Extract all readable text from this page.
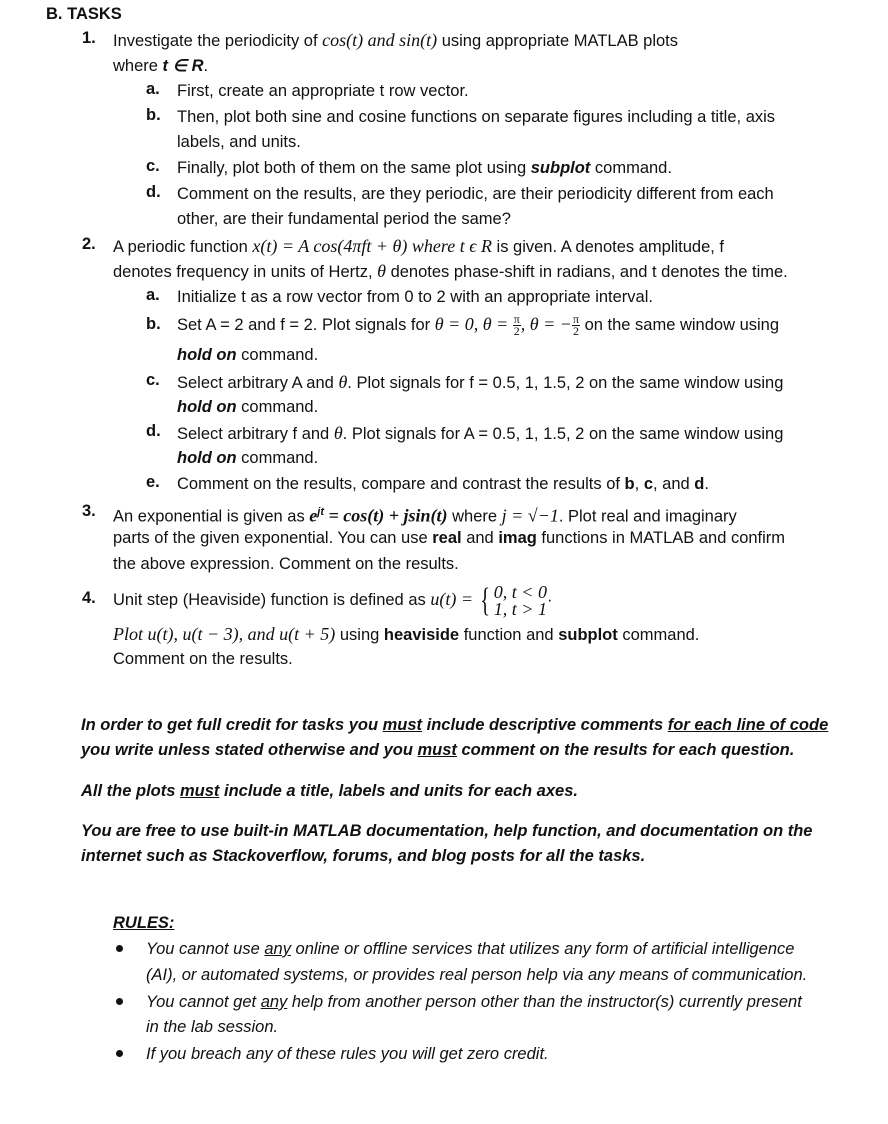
B. TASKS
1. Investigate the periodicity of cos(t) and sin(t) using appropriate MATLAB plots
where t ∈ R.
a. First, create an appropriate t row vector.
b. Then, plot both sine and cosine functions on separate figures including a title, axis
labels, and units.
c. Finally, plot both of them on the same plot using subplot command.
d. Comment on the results, are they periodic, are their periodicity different from each
other, are their fundamental period the same?
2. A periodic function x(t) = A cos(4πft + θ) where t ϵ R is given. A denotes amplitude, f
denotes frequency in units of Hertz, θ denotes phase-shift in radians, and t denotes the time.
a. Initialize t as a row vector from 0 to 2 with an appropriate interval.
b. Set A = 2 and f = 2. Plot signals for θ = 0, $\theta = \frac{\pi}{2}$ , θ = − $\frac{\pi}{2}$ on the same window using
hold on command.
c. Select arbitrary A and θ. Plot signals for f = 0.5, 1, 1.5, 2 on the same window using
hold on command.
d. Select arbitrary f and θ. Plot signals for A = 0.5, 1, 1.5, 2 on the same window using
hold on command.
e. Comment on the results, compare and contrast the results of b, c, and d.
3. An exponential is given as $e^{jt} = \cos(t) + jsin(t)$ where j = √−1. Plot real and imaginary
parts of the given exponential. You can use real and imag functions in MATLAB and confirm
the above expression. Comment on the results.
4. Unit step (Heaviside) function is defined as u(t) = { 0, t < 0
1, t > 1 ·
Plot u(t), u(t − 3), and u(t + 5) using heaviside function and subplot command.
Comment on the results.
In order to get full credit for tasks you must include descriptive comments for each line of code
you write unless stated otherwise and you must comment on the results for each question.
All the plots must include a title, labels and units for each axes.
You are free to use built-in MATLAB documentation, help function, and documentation on the
internet such as Stackoverflow, forums, and blog posts for all the tasks.
RULES:
You cannot use any online or offline services that utilizes any form of artificial intelligence
(AI), or automated systems, or provides real person help via any means of communication.
You cannot get any help from another person other than the instructor(s) currently present
in the lab session.
If you breach any of these rules you will get zero credit.
